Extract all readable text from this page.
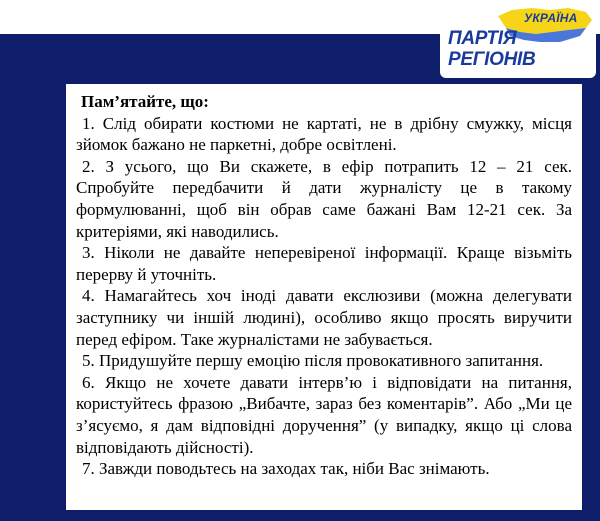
УКРАЇНА
ПАРТІЯ
РЕГІОНІВ

Пам’ятайте, що:

1. Слід обирати костюми не картаті, не в дрібну смужку, місця зйомок бажано не паркетні, добре освітлені.

2. З усього, що Ви скажете, в ефір потрапить 12 – 21 сек. Спробуйте передбачити й дати журналісту це в такому формулюванні, щоб він обрав саме бажані Вам 12-21 сек. За критеріями, які наводились.

3. Ніколи не давайте неперевіреної інформації. Краще візьміть перерву й уточніть.

4. Намагайтесь хоч іноді давати екслюзиви (можна делегувати заступнику чи іншій людині), особливо якщо просять виручити перед ефіром. Таке журналістами не забувається.

5. Придушуйте першу емоцію після провокативного запитання.

6. Якщо не хочете давати інтерв’ю і відповідати на питання, користуйтесь фразою „Вибачте, зараз без коментарів”. Або „Ми це з’ясуємо, я дам відповідні доручення” (у випадку, якщо ці слова відповідають дійсності).

7. Завжди поводьтесь на заходах так, ніби Вас знімають.
